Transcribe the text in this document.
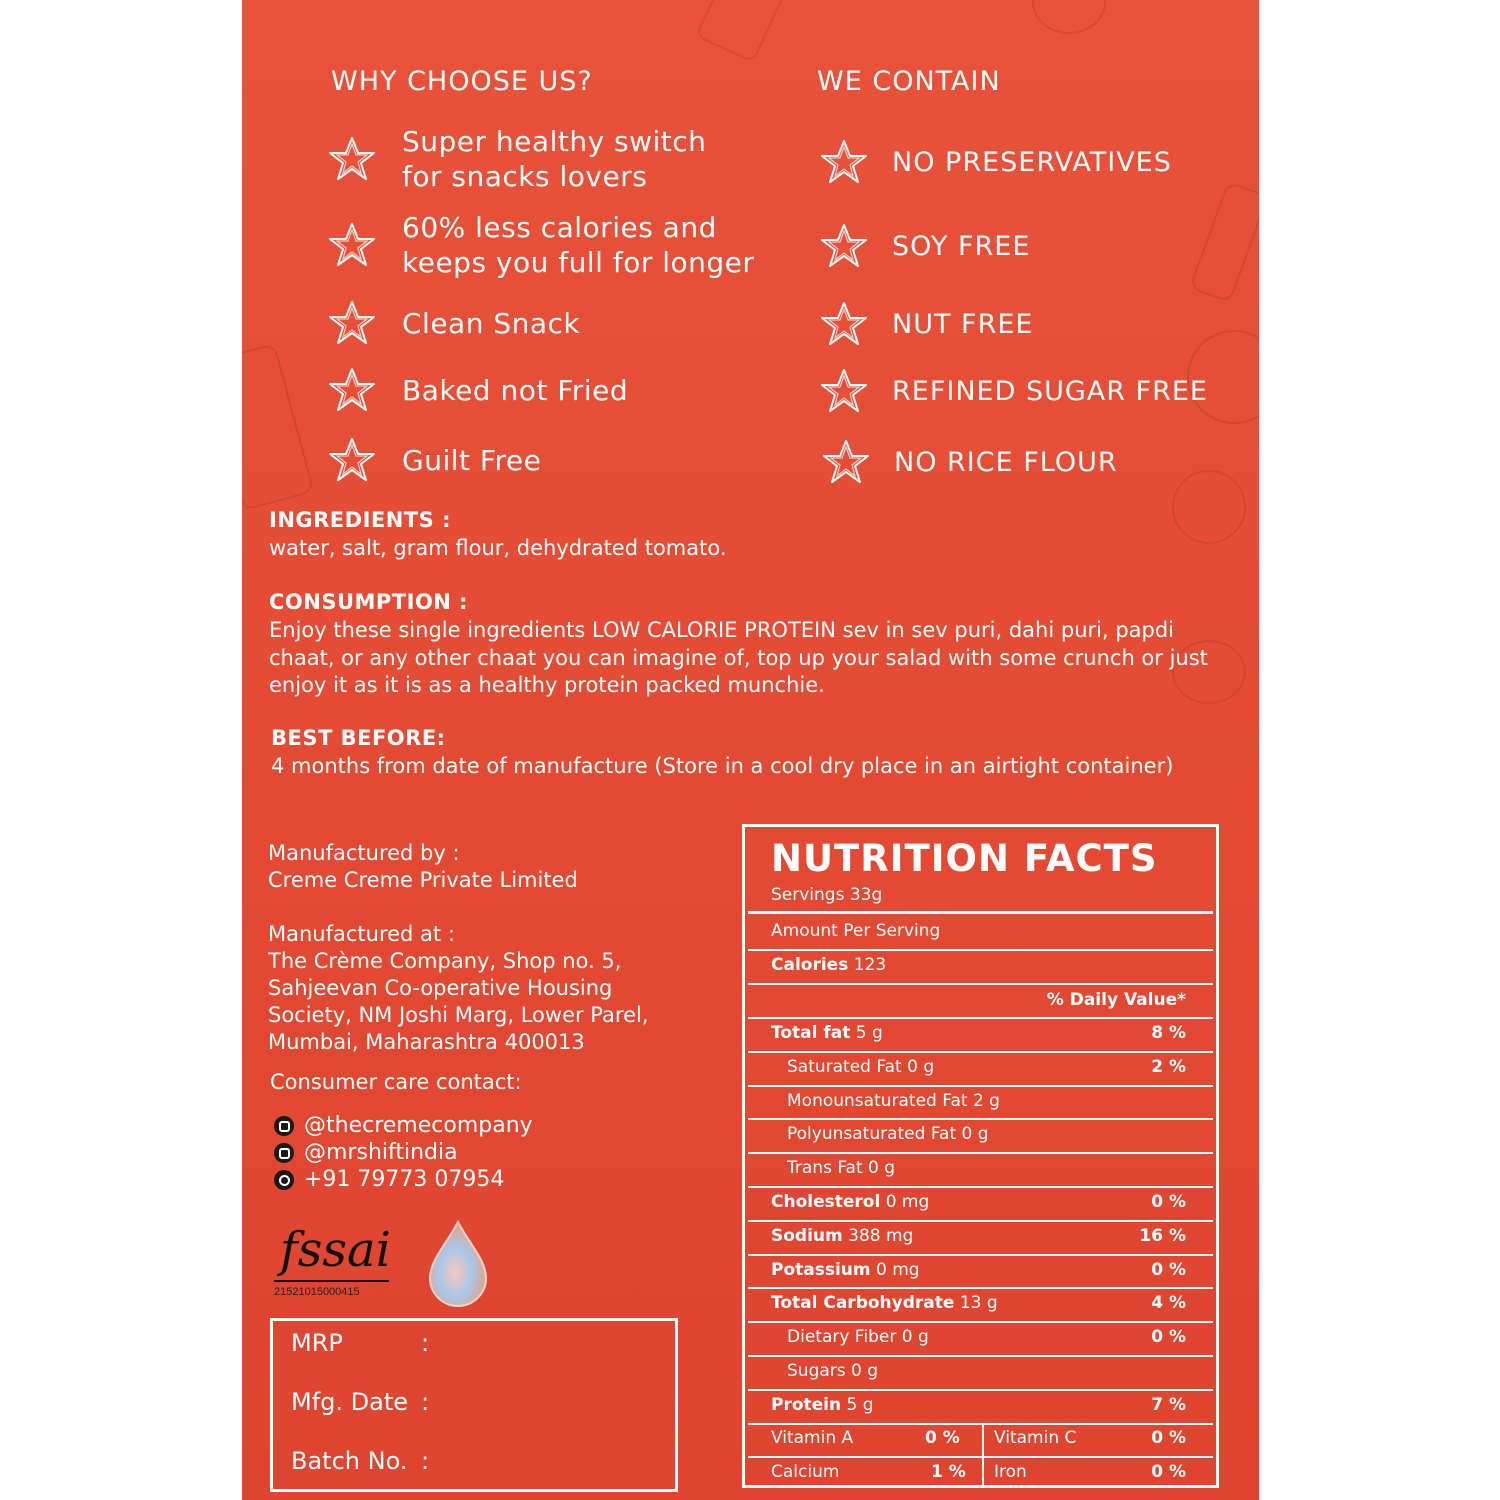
WHY CHOOSE US?
Super healthy switch
for snacks lovers
60% less calories and
keeps you full for longer
Clean Snack
Baked not Fried
Guilt Free
WE CONTAIN
NO PRESERVATIVES
SOY FREE
NUT FREE
REFINED SUGAR FREE
NO RICE FLOUR
INGREDIENTS :
water, salt, gram flour, dehydrated tomato.
CONSUMPTION :
Enjoy these single ingredients LOW CALORIE PROTEIN sev in sev puri, dahi puri, papdi
chaat, or any other chaat you can imagine of, top up your salad with some crunch or just
enjoy it as it is as a healthy protein packed munchie.
BEST BEFORE:
4 months from date of manufacture (Store in a cool dry place in an airtight container)
Manufactured by :
Creme Creme Private Limited
Manufactured at :
The Crème Company, Shop no. 5,
Sahjeevan Co-operative Housing
Society, NM Joshi Marg, Lower Parel,
Mumbai, Maharashtra 400013
Consumer care contact:
@thecremecompany
@mrshiftindia
+91 79773 07954
fssai
21521015000415
MRP	:
Mfg. Date :
Batch No. :
NUTRITION FACTS
Servings 33g
Amount Per Serving
Calories 123
% Daily Value*
Total fat 5 g	8 %
Saturated Fat 0 g	2 %
Monounsaturated Fat 2 g
Polyunsaturated Fat 0 g
Trans Fat 0 g
Cholesterol 0 mg	0 %
Sodium 388 mg	16 %
Potassium 0 mg	0 %
Total Carbohydrate 13 g	4 %
Dietary Fiber 0 g	0 %
Sugars 0 g
Protein 5 g	7 %
Vitamin A	0 % Vitamin C	0 %
Calcium	1 % Iron	0 %
